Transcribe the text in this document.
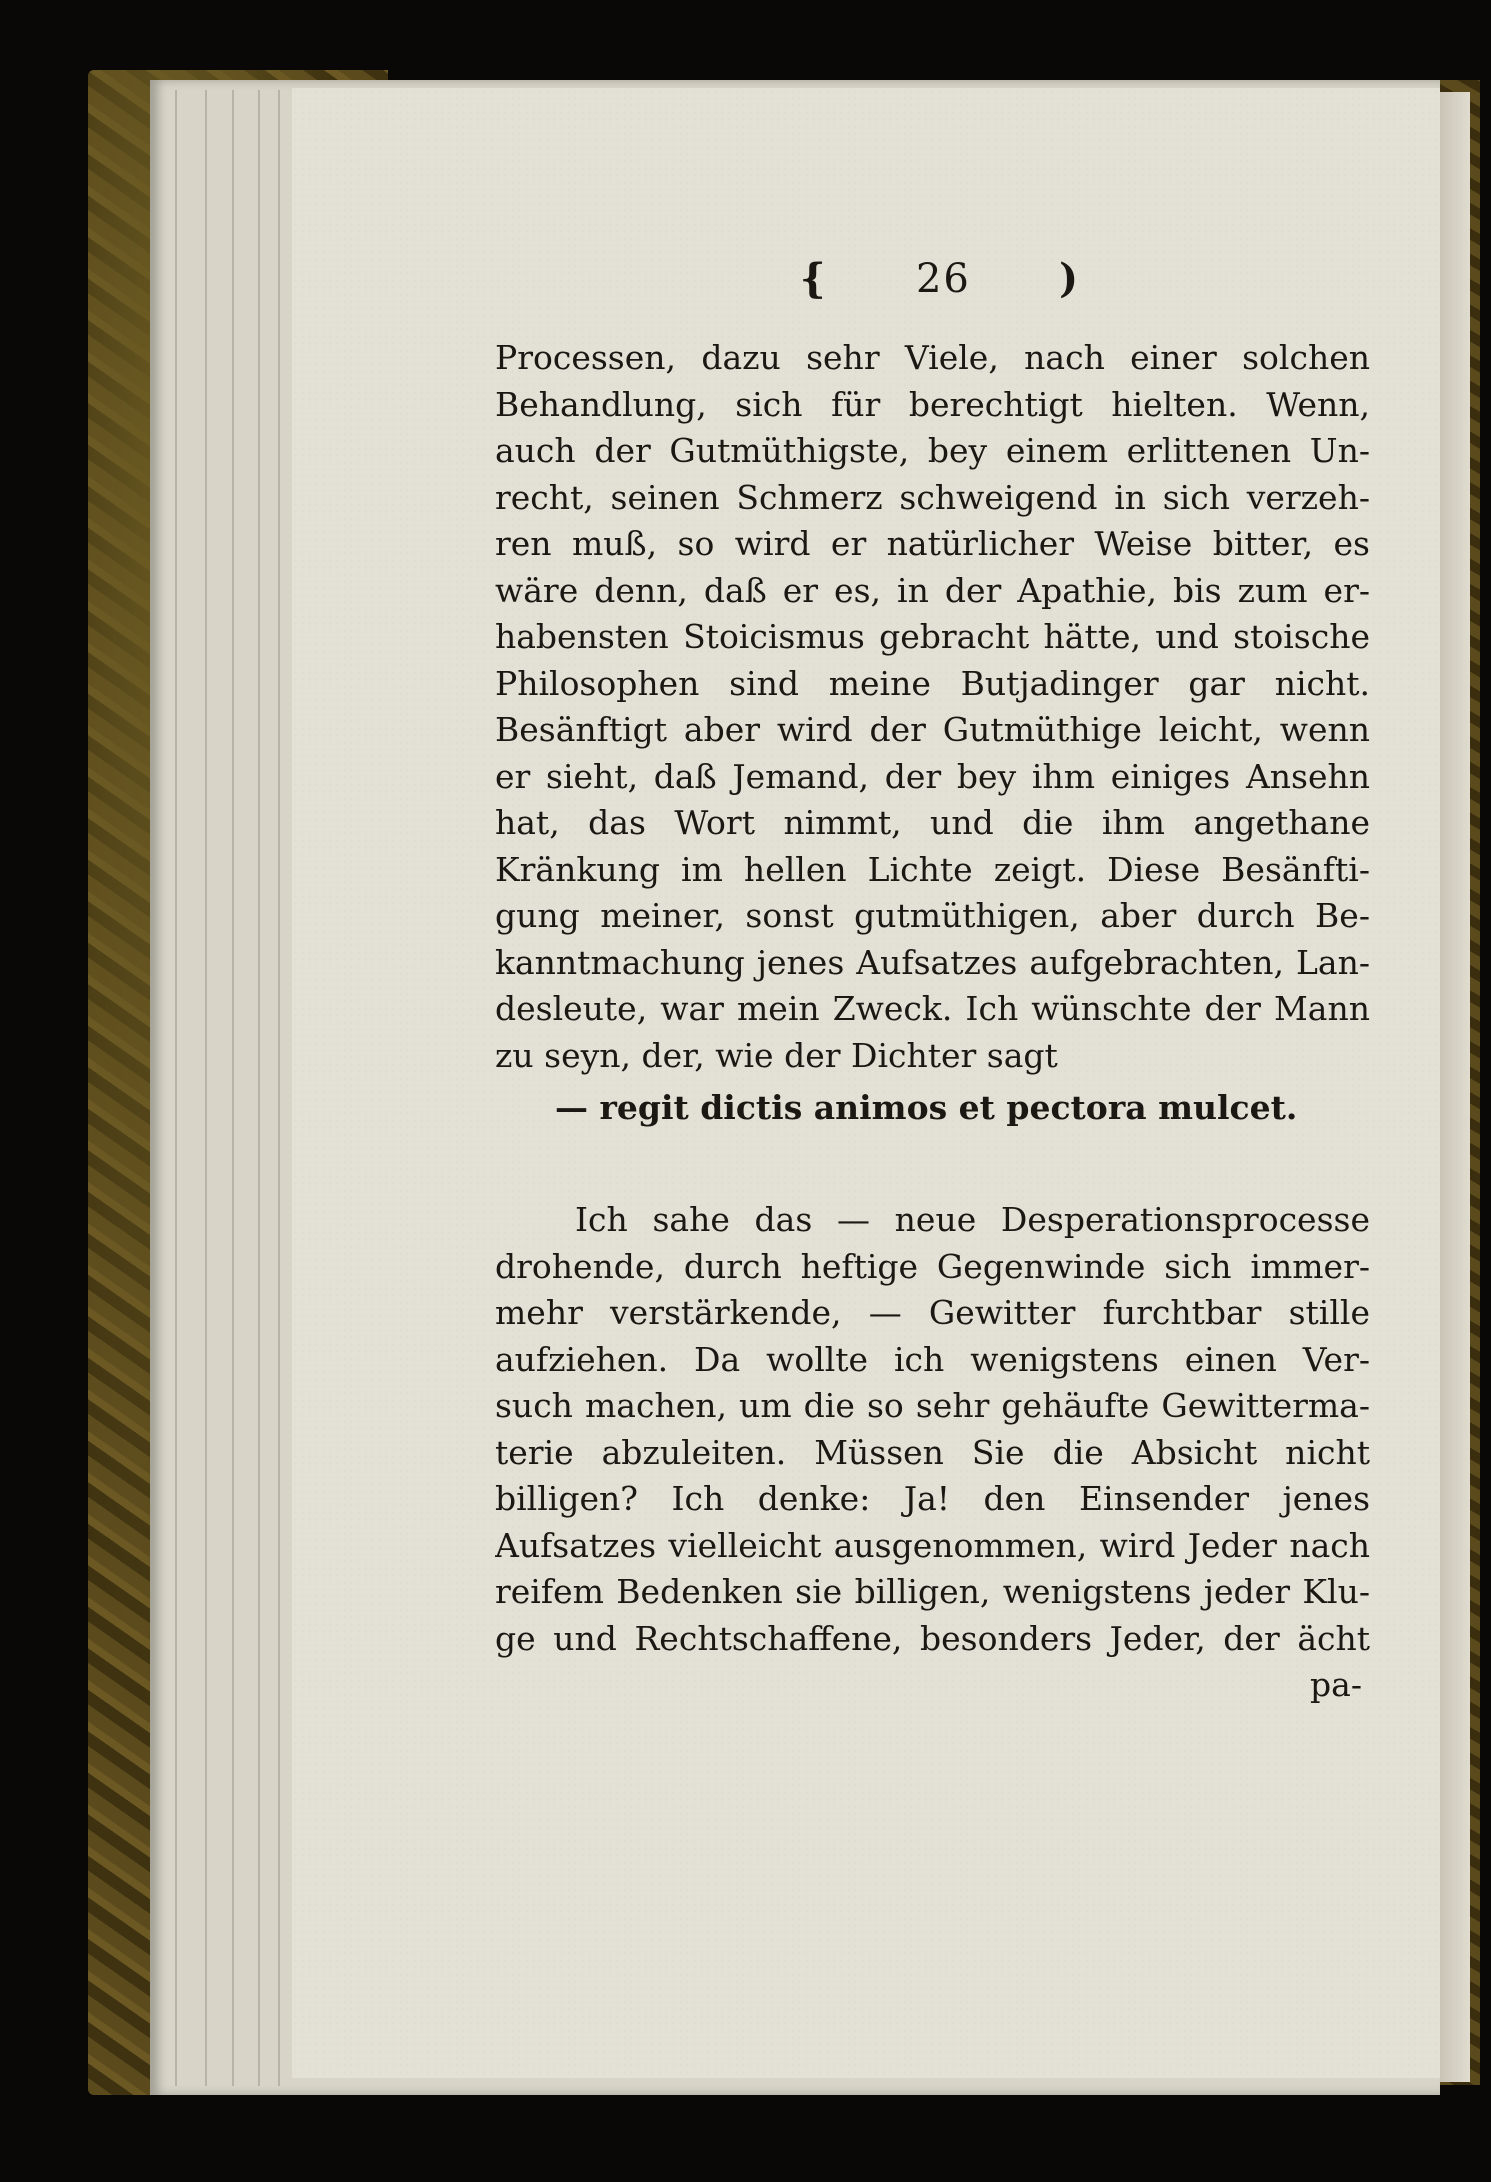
{ 26 )
Processen, dazu sehr Viele, nach einer solchen
Behandlung, sich für berechtigt hielten. Wenn,
auch der Gutmüthigste, bey einem erlittenen Un-
recht, seinen Schmerz schweigend in sich verzeh-
ren muß, so wird er natürlicher Weise bitter, es
wäre denn, daß er es, in der Apathie, bis zum er-
habensten Stoicismus gebracht hätte, und stoische
Philosophen sind meine Butjadinger gar nicht.
Besänftigt aber wird der Gutmüthige leicht, wenn
er sieht, daß Jemand, der bey ihm einiges Ansehn
hat, das Wort nimmt, und die ihm angethane
Kränkung im hellen Lichte zeigt. Diese Besänfti-
gung meiner, sonst gutmüthigen, aber durch Be-
kanntmachung jenes Aufsatzes aufgebrachten, Lan-
desleute, war mein Zweck. Ich wünschte der Mann
zu seyn, der, wie der Dichter sagt
— regit dictis animos et pectora mulcet.
Ich sahe das — neue Desperationsprocesse
drohende, durch heftige Gegenwinde sich immer-
mehr verstärkende, — Gewitter furchtbar stille
aufziehen. Da wollte ich wenigstens einen Ver-
such machen, um die so sehr gehäufte Gewitterma-
terie abzuleiten. Müssen Sie die Absicht nicht
billigen? Ich denke: Ja! den Einsender jenes
Aufsatzes vielleicht ausgenommen, wird Jeder nach
reifem Bedenken sie billigen, wenigstens jeder Klu-
ge und Rechtschaffene, besonders Jeder, der ächt
pa-
